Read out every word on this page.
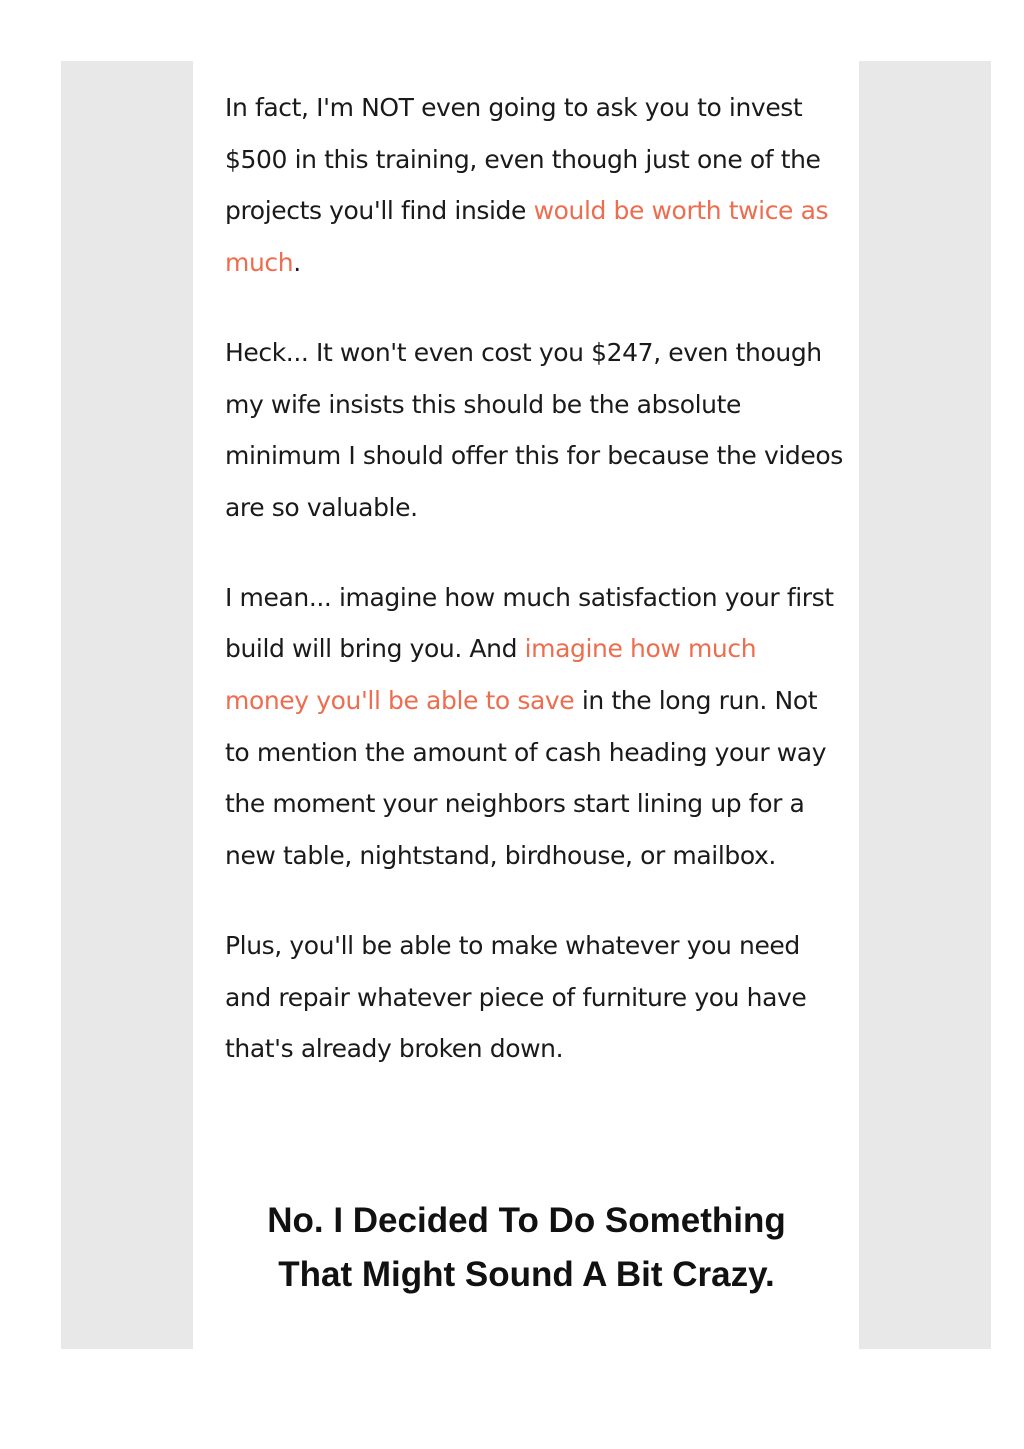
In fact, I'm NOT even going to ask you to invest $500 in this training, even though just one of the projects you'll find inside would be worth twice as much.

Heck... It won't even cost you $247, even though my wife insists this should be the absolute minimum I should offer this for because the videos are so valuable.

I mean... imagine how much satisfaction your first build will bring you. And imagine how much money you'll be able to save in the long run. Not to mention the amount of cash heading your way the moment your neighbors start lining up for a new table, nightstand, birdhouse, or mailbox.

Plus, you'll be able to make whatever you need and repair whatever piece of furniture you have that's already broken down.

No. I Decided To Do Something
That Might Sound A Bit Crazy.
